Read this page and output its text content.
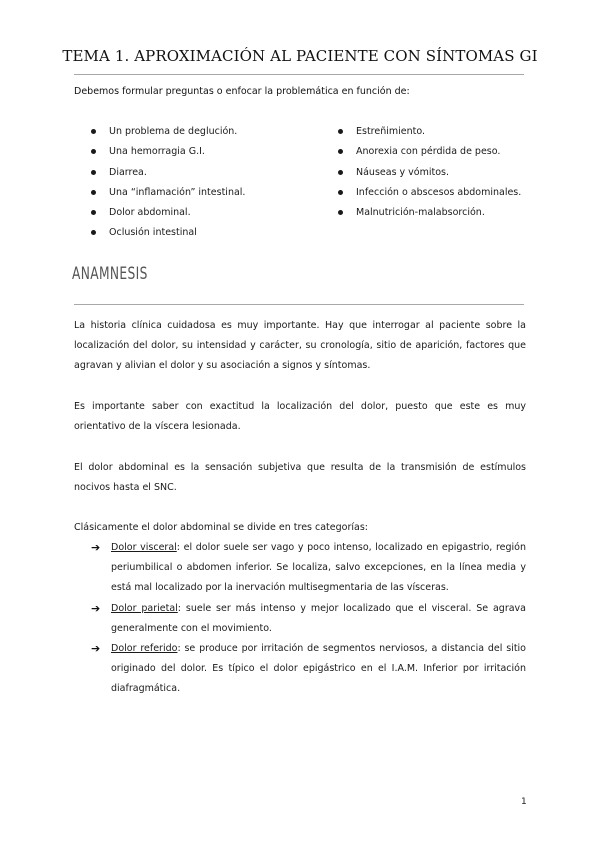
TEMA 1. APROXIMACIÓN AL PACIENTE CON SÍNTOMAS GI

Debemos formular preguntas o enfocar la problemática en función de:

Un problema de deglución.
Una hemorragia G.I.
Diarrea.
Una “inflamación” intestinal.
Dolor abdominal.
Oclusión intestinal
Estreñimiento.
Anorexia con pérdida de peso.
Náuseas y vómitos.
Infección o abscesos abdominales.
Malnutrición-malabsorción.
ANAMNESIS

La historia clínica cuidadosa es muy importante. Hay que interrogar al paciente sobre la localización del dolor, su intensidad y carácter, su cronología, sitio de aparición, factores que agravan y alivian el dolor y su asociación a signos y síntomas.

Es importante saber con exactitud la localización del dolor, puesto que este es muy orientativo de la víscera lesionada.

El dolor abdominal es la sensación subjetiva que resulta de la transmisión de estímulos nocivos hasta el SNC.

Clásicamente el dolor abdominal se divide en tres categorías:

➔ Dolor visceral: el dolor suele ser vago y poco intenso, localizado en epigastrio, región periumbilical o abdomen inferior. Se localiza, salvo excepciones, en la línea media y está mal localizado por la inervación multisegmentaria de las vísceras.
➔ Dolor parietal: suele ser más intenso y mejor localizado que el visceral. Se agrava generalmente con el movimiento.
➔ Dolor referido: se produce por irritación de segmentos nerviosos, a distancia del sitio originado del dolor. Es típico el dolor epigástrico en el I.A.M. Inferior por irritación diafragmática.
1
